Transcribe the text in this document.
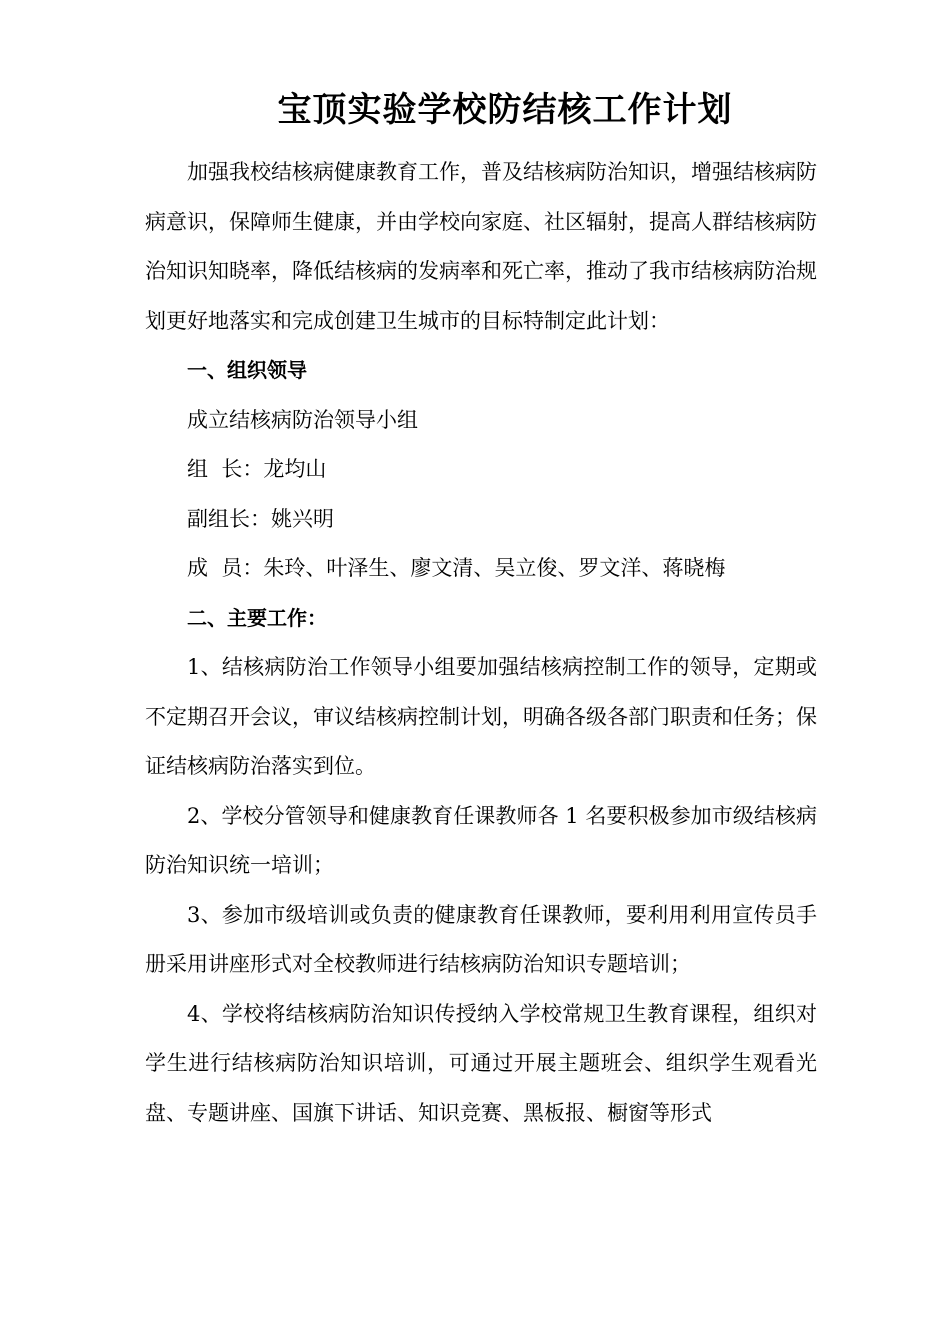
宝顶实验学校防结核工作计划

加强我校结核病健康教育工作，普及结核病防治知识，增强结核病防病意识，保障师生健康，并由学校向家庭、社区辐射，提高人群结核病防治知识知晓率，降低结核病的发病率和死亡率，推动了我市结核病防治规划更好地落实和完成创建卫生城市的目标特制定此计划：

一、组织领导

成立结核病防治领导小组

组  长：龙均山

副组长：姚兴明

成  员：朱玲、叶泽生、廖文清、吴立俊、罗文洋、蒋晓梅

二、主要工作：

1、结核病防治工作领导小组要加强结核病控制工作的领导，定期或不定期召开会议，审议结核病控制计划，明确各级各部门职责和任务；保证结核病防治落实到位。

2、学校分管领导和健康教育任课教师各 1 名要积极参加市级结核病防治知识统一培训；

3、参加市级培训或负责的健康教育任课教师，要利用利用宣传员手册采用讲座形式对全校教师进行结核病防治知识专题培训；

4、学校将结核病防治知识传授纳入学校常规卫生教育课程，组织对学生进行结核病防治知识培训，可通过开展主题班会、组织学生观看光盘、专题讲座、国旗下讲话、知识竞赛、黑板报、橱窗等形式
